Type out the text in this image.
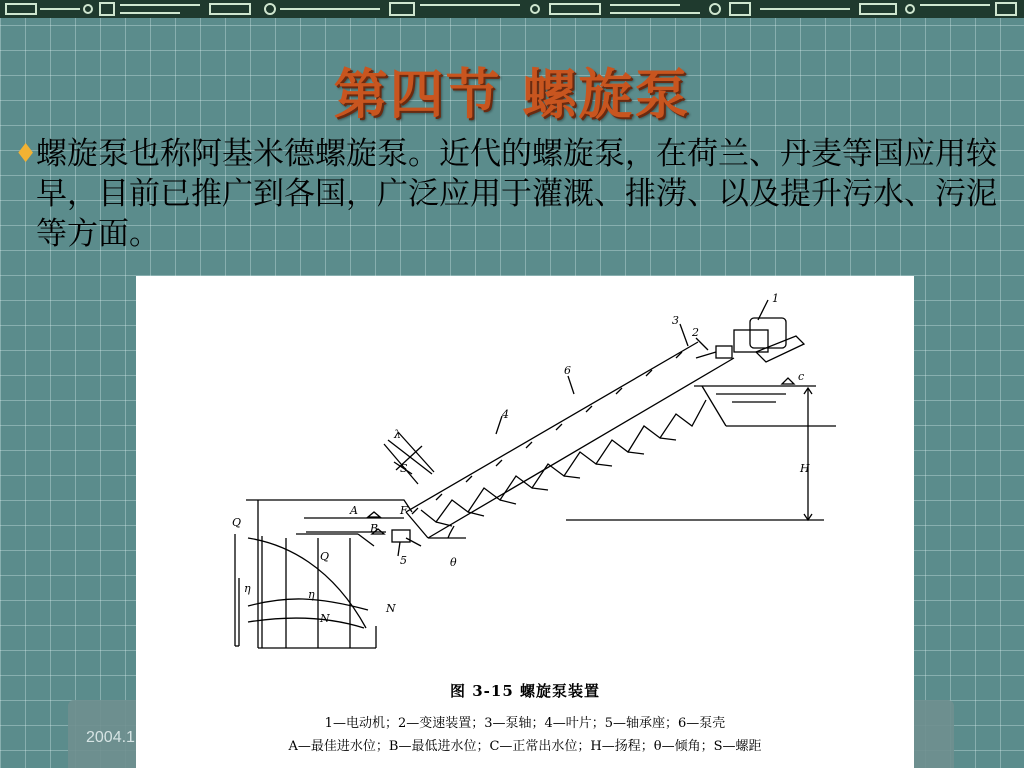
第四节 螺旋泵
♦
螺旋泵也称阿基米德螺旋泵。近代的螺旋泵，在荷兰、丹麦等国应用较早，目前已推广到各国，广泛应用于灌溉、排涝、以及提升污水、污泥等方面。
2004.1
1
2
3
4
5
6
A
B
c
F
H
S
λ
θ
Q
Q
η	η
N
N
图 3-15 螺旋泵装置
1—电动机；2—变速装置；3—泵轴；4—叶片；5—轴承座；6—泵壳
A—最佳进水位；B—最低进水位；C—正常出水位；H—扬程；θ—倾角；S—螺距
